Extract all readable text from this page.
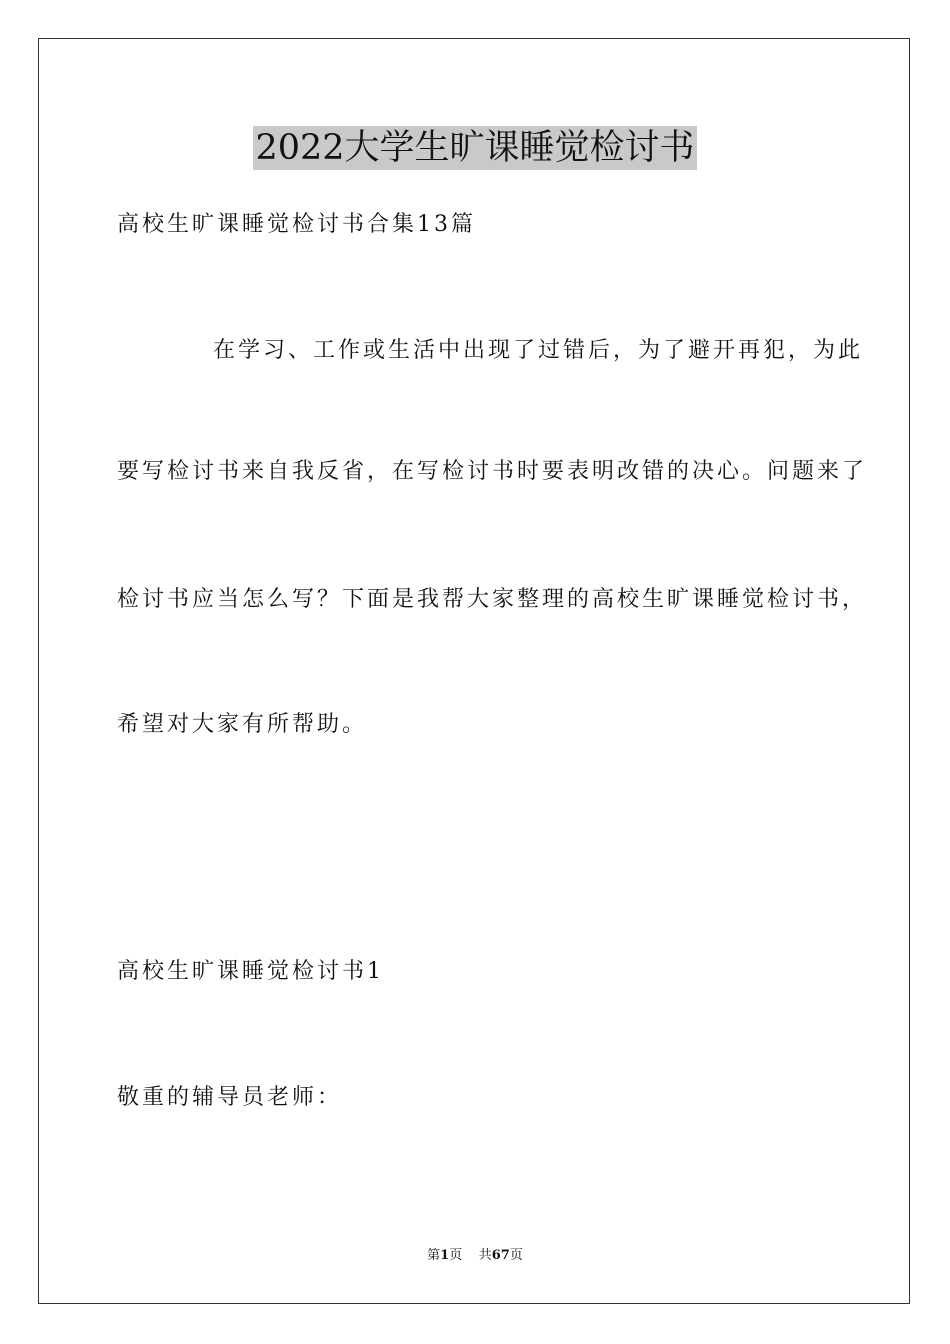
2022大学生旷课睡觉检讨书
高校生旷课睡觉检讨书合集13篇
在学习、工作或生活中出现了过错后，为了避开再犯，为此
要写检讨书来自我反省，在写检讨书时要表明改错的决心。问题来了
检讨书应当怎么写？下面是我帮大家整理的高校生旷课睡觉检讨书，
希望对大家有所帮助。
高校生旷课睡觉检讨书1
敬重的辅导员老师：
第1页 共67页
